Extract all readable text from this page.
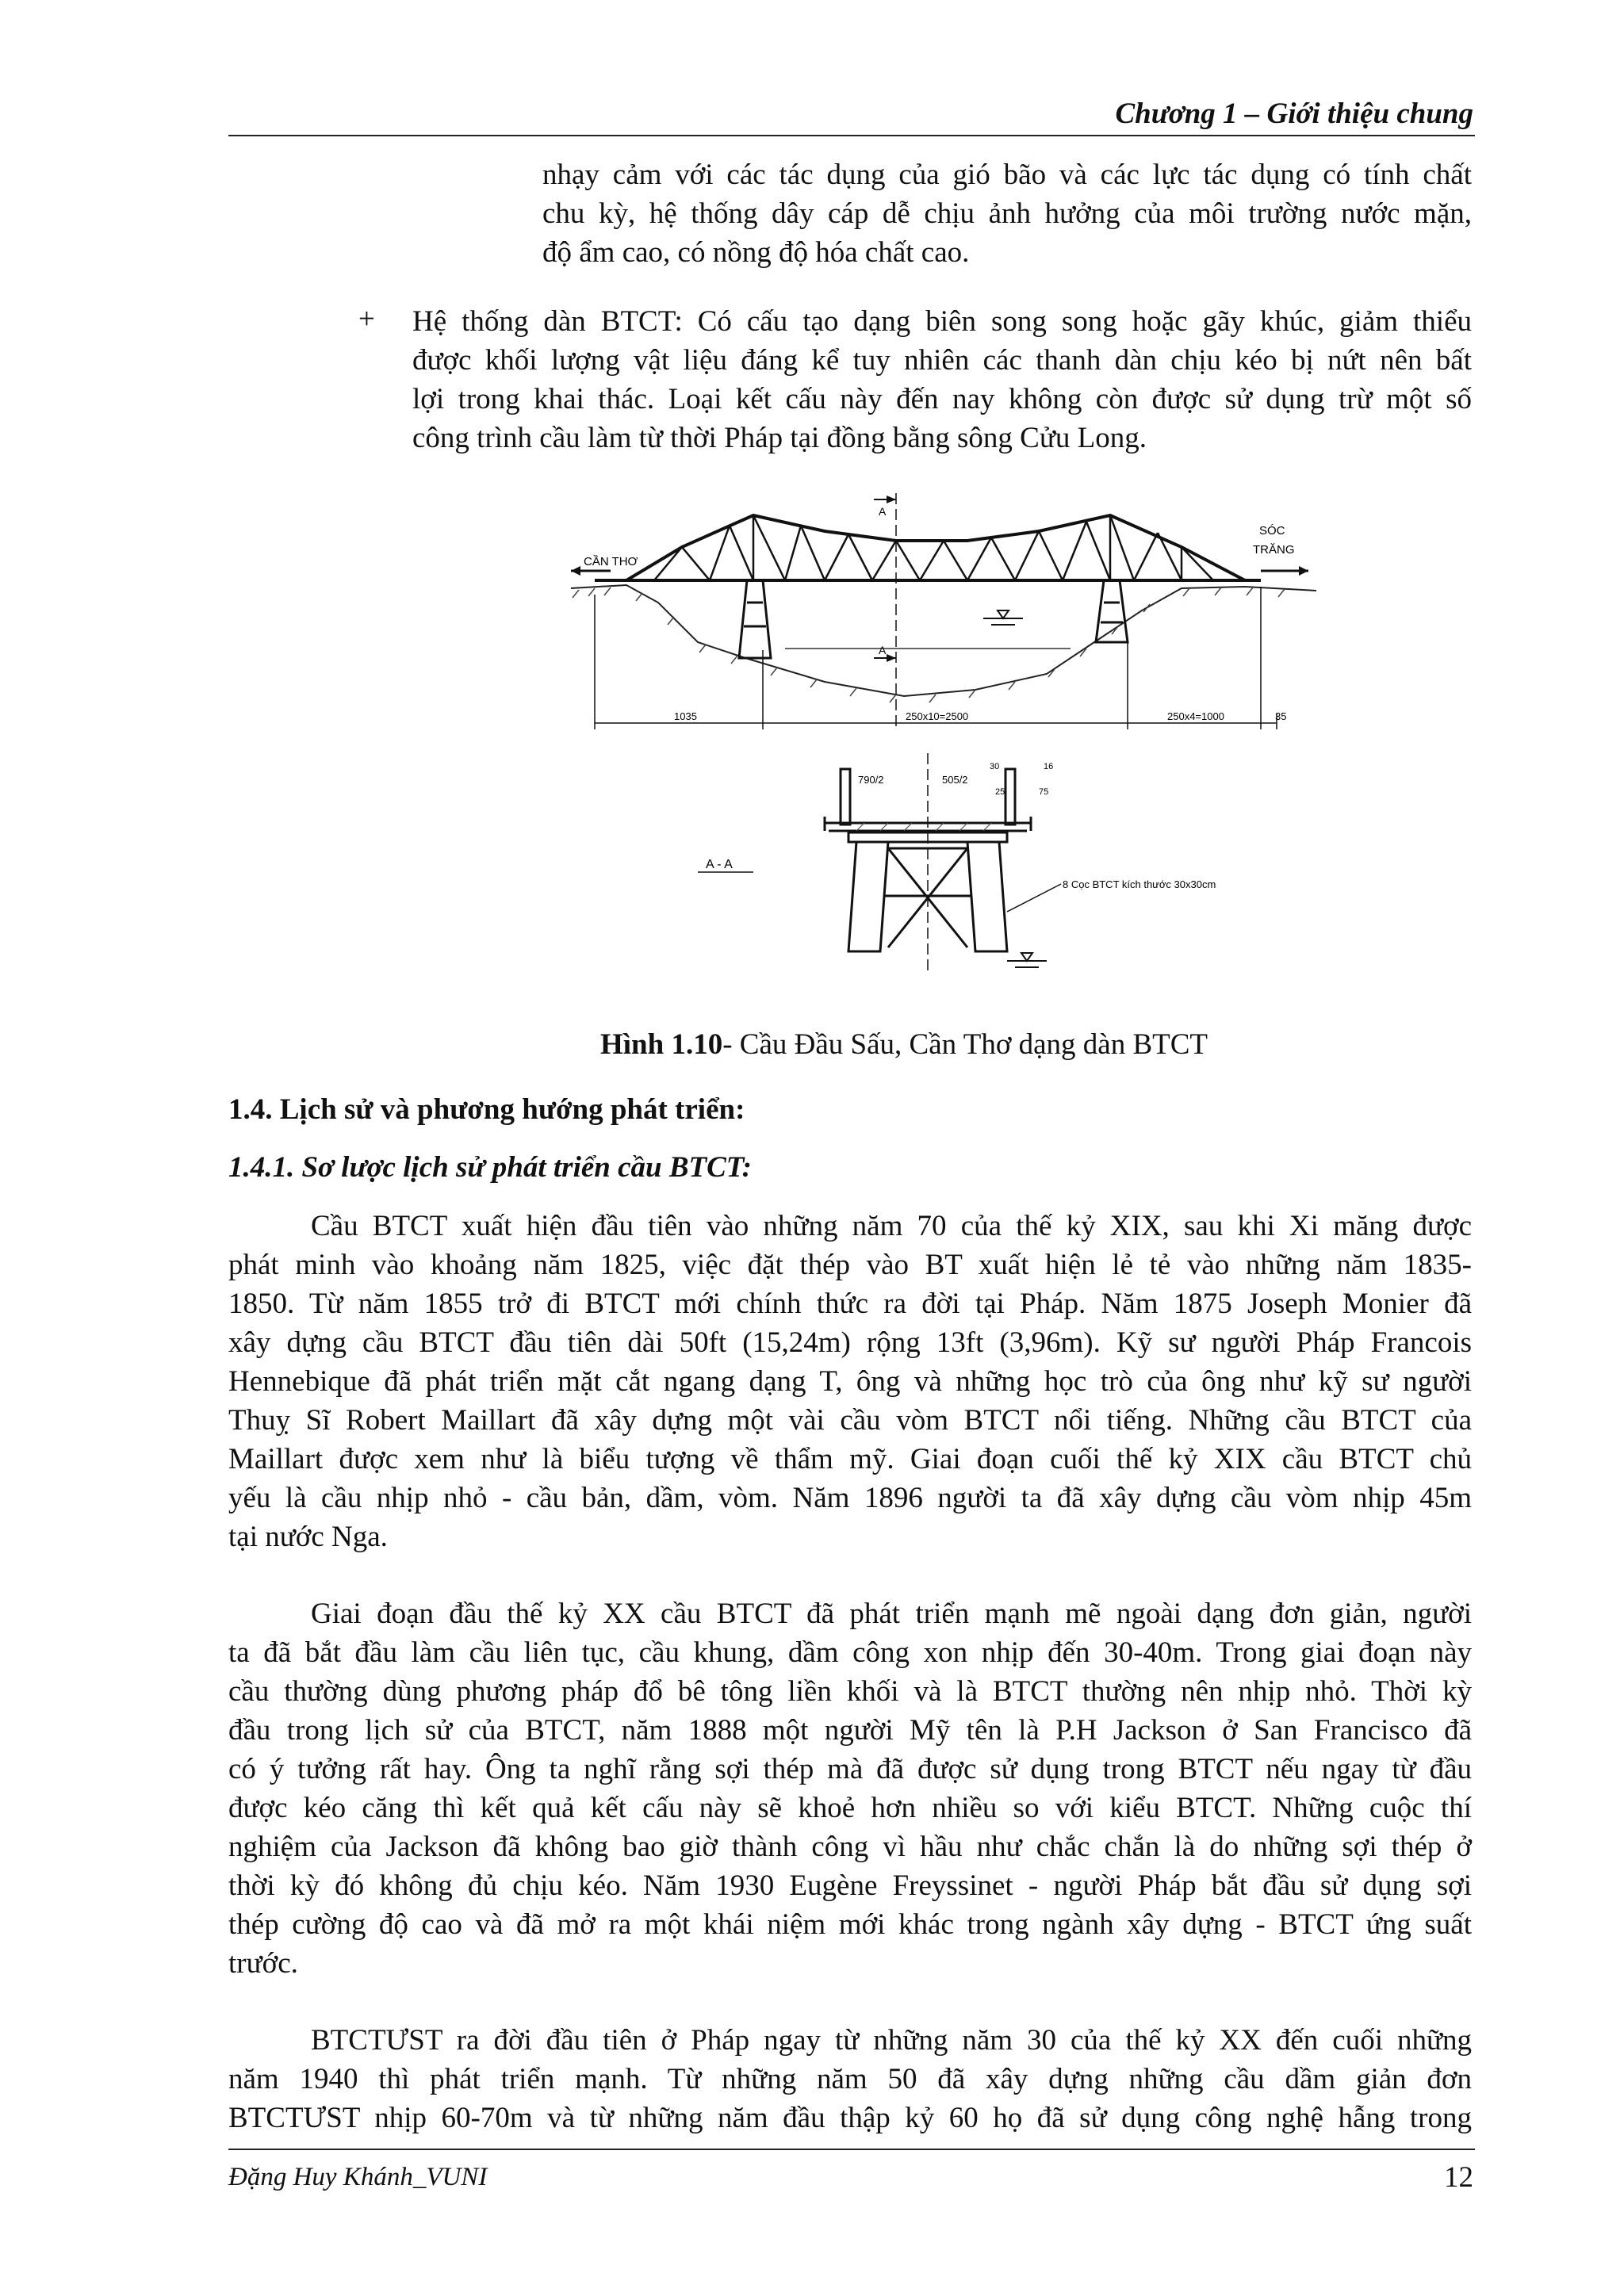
Chương 1 – Giới thiệu chung
nhạy cảm với các tác dụng của gió bão và các lực tác dụng có tính chất
chu kỳ, hệ thống dây cáp dễ chịu ảnh hưởng của môi trường nước mặn,
độ ẩm cao, có nồng độ hóa chất cao.
+ Hệ thống dàn BTCT: Có cấu tạo dạng biên song song hoặc gãy khúc, giảm thiểu
được khối lượng vật liệu đáng kể tuy nhiên các thanh dàn chịu kéo bị nứt nên bất
lợi trong khai thác. Loại kết cấu này đến nay không còn được sử dụng trừ một số
công trình cầu làm từ thời Pháp tại đồng bằng sông Cửu Long.
A
A
CẦN THƠ
SÓC
TRĂNG
1035	250x10=2500	250x4=1000	35
790/2	505/2
30	16
25	75
A - A
8 Cọc BTCT kích thước 30x30cm
Hình 1.10- Cầu Đầu Sấu, Cần Thơ dạng dàn BTCT
1.4. Lịch sử và phương hướng phát triển:
1.4.1. Sơ lược lịch sử phát triển cầu BTCT:
Cầu BTCT xuất hiện đầu tiên vào những năm 70 của thế kỷ XIX, sau khi Xi măng được
phát minh vào khoảng năm 1825, việc đặt thép vào BT xuất hiện lẻ tẻ vào những năm 1835-
1850. Từ năm 1855 trở đi BTCT mới chính thức ra đời tại Pháp. Năm 1875 Joseph Monier đã
xây dựng cầu BTCT đầu tiên dài 50ft (15,24m) rộng 13ft (3,96m). Kỹ sư người Pháp Francois
Hennebique đã phát triển mặt cắt ngang dạng T, ông và những học trò của ông như kỹ sư người
Thuỵ Sĩ Robert Maillart đã xây dựng một vài cầu vòm BTCT nổi tiếng. Những cầu BTCT của
Maillart được xem như là biểu tượng về thẩm mỹ. Giai đoạn cuối thế kỷ XIX cầu BTCT chủ
yếu là cầu nhịp nhỏ - cầu bản, dầm, vòm. Năm 1896 người ta đã xây dựng cầu vòm nhịp 45m
tại nước Nga.
Giai đoạn đầu thế kỷ XX cầu BTCT đã phát triển mạnh mẽ ngoài dạng đơn giản, người
ta đã bắt đầu làm cầu liên tục, cầu khung, dầm công xon nhịp đến 30-40m. Trong giai đoạn này
cầu thường dùng phương pháp đổ bê tông liền khối và là BTCT thường nên nhịp nhỏ. Thời kỳ
đầu trong lịch sử của BTCT, năm 1888 một người Mỹ tên là P.H Jackson ở San Francisco đã
có ý tưởng rất hay. Ông ta nghĩ rằng sợi thép mà đã được sử dụng trong BTCT nếu ngay từ đầu
được kéo căng thì kết quả kết cấu này sẽ khoẻ hơn nhiều so với kiểu BTCT. Những cuộc thí
nghiệm của Jackson đã không bao giờ thành công vì hầu như chắc chắn là do những sợi thép ở
thời kỳ đó không đủ chịu kéo. Năm 1930 Eugène Freyssinet - người Pháp bắt đầu sử dụng sợi
thép cường độ cao và đã mở ra một khái niệm mới khác trong ngành xây dựng - BTCT ứng suất
trước.
BTCTƯST ra đời đầu tiên ở Pháp ngay từ những năm 30 của thế kỷ XX đến cuối những
năm 1940 thì phát triển mạnh. Từ những năm 50 đã xây dựng những cầu dầm giản đơn
BTCTƯST nhịp 60-70m và từ những năm đầu thập kỷ 60 họ đã sử dụng công nghệ hẫng trong
Đặng Huy Khánh_VUNI	12
